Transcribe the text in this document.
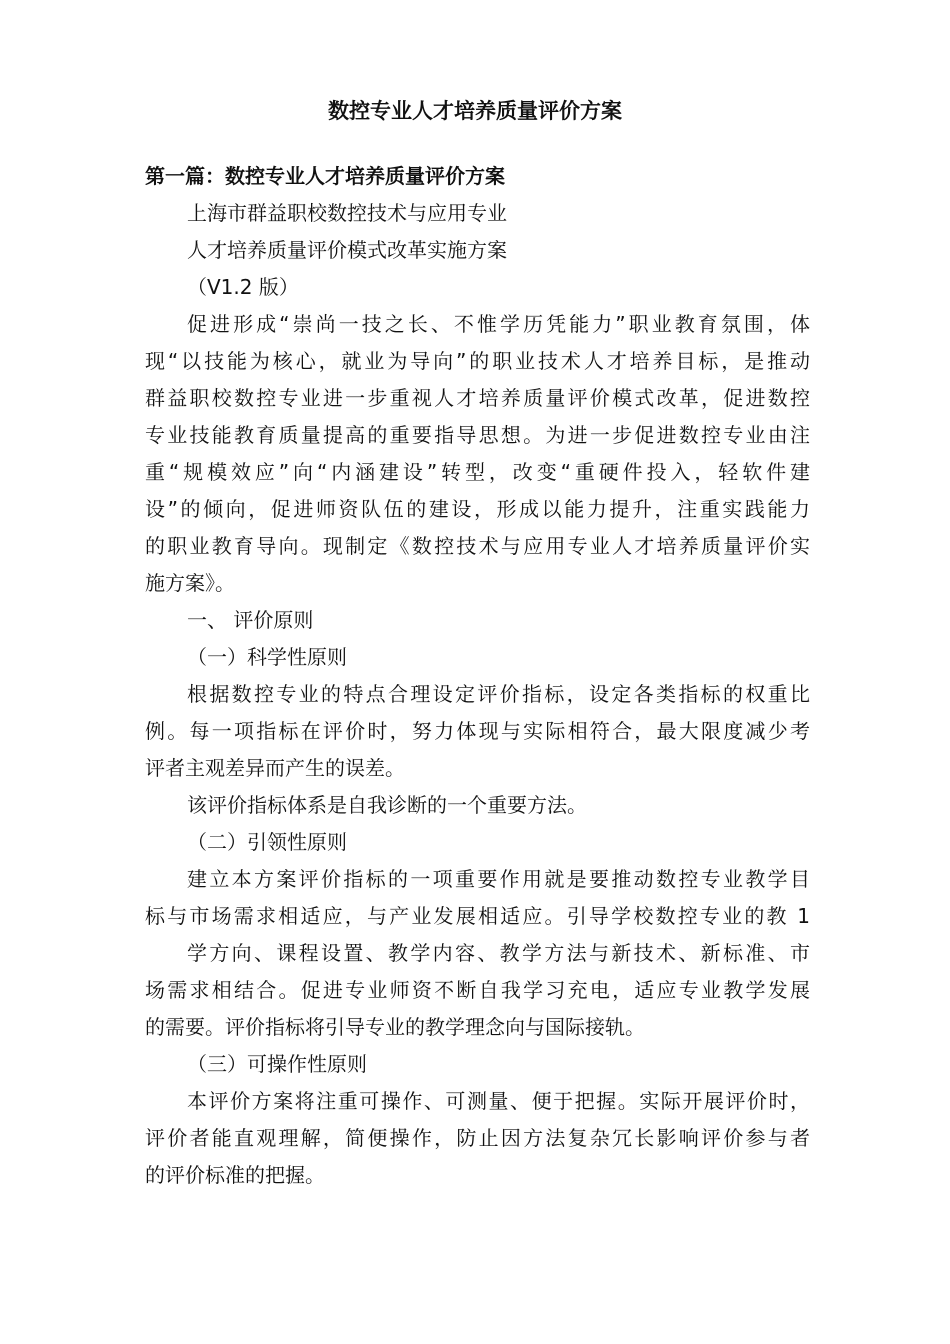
数控专业人才培养质量评价方案
第一篇：数控专业人才培养质量评价方案
上海市群益职校数控技术与应用专业
人才培养质量评价模式改革实施方案
（V1.2 版）
促进形成“崇尚一技之长、不惟学历凭能力”职业教育氛围，体
现“以技能为核心，就业为导向”的职业技术人才培养目标，是推动
群益职校数控专业进一步重视人才培养质量评价模式改革，促进数控
专业技能教育质量提高的重要指导思想。为进一步促进数控专业由注
重“规模效应”向“内涵建设”转型，改变“重硬件投入，轻软件建
设”的倾向，促进师资队伍的建设，形成以能力提升，注重实践能力
的职业教育导向。现制定《数控技术与应用专业人才培养质量评价实
施方案》。
一、 评价原则
（一）科学性原则
根据数控专业的特点合理设定评价指标，设定各类指标的权重比
例。每一项指标在评价时，努力体现与实际相符合，最大限度减少考
评者主观差异而产生的误差。
该评价指标体系是自我诊断的一个重要方法。
（二）引领性原则
建立本方案评价指标的一项重要作用就是要推动数控专业教学目
标与市场需求相适应，与产业发展相适应。引导学校数控专业的教 1
学方向、课程设置、教学内容、教学方法与新技术、新标准、市
场需求相结合。促进专业师资不断自我学习充电，适应专业教学发展
的需要。评价指标将引导专业的教学理念向与国际接轨。
（三）可操作性原则
本评价方案将注重可操作、可测量、便于把握。实际开展评价时，
评价者能直观理解，简便操作，防止因方法复杂冗长影响评价参与者
的评价标准的把握。
